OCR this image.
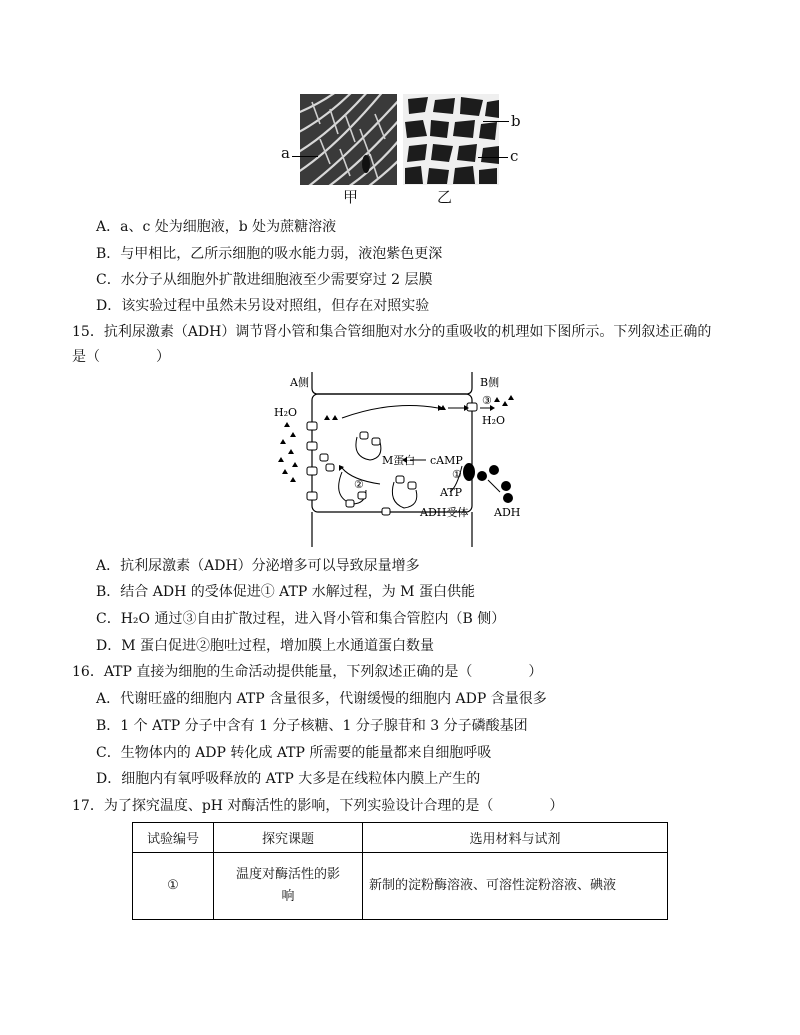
a
甲
b
c
乙
A．a、c 处为细胞液，b 处为蔗糖溶液
B．与甲相比，乙所示细胞的吸水能力弱，液泡紫色更深
C．水分子从细胞外扩散进细胞液至少需要穿过 2 层膜
D．该实验过程中虽然未另设对照组，但存在对照实验
15．抗利尿激素（ADH）调节肾小管和集合管细胞对水分的重吸收的机理如下图所示。下列叙述正确的
是（　　　　）
A侧	B侧
H₂O
H₂O
③
M蛋白 cAMP
①
②
ATP
ADH受体 ADH
A．抗利尿激素（ADH）分泌增多可以导致尿量增多
B．结合 ADH 的受体促进① ATP 水解过程，为 M 蛋白供能
C．H₂O 通过③自由扩散过程，进入肾小管和集合管腔内（B 侧）
D．M 蛋白促进②胞吐过程，增加膜上水通道蛋白数量
16．ATP 直接为细胞的生命活动提供能量，下列叙述正确的是（　　　　）
A．代谢旺盛的细胞内 ATP 含量很多，代谢缓慢的细胞内 ADP 含量很多
B．1 个 ATP 分子中含有 1 分子核糖、1 分子腺苷和 3 分子磷酸基团
C．生物体内的 ADP 转化成 ATP 所需要的能量都来自细胞呼吸
D．细胞内有氧呼吸释放的 ATP 大多是在线粒体内膜上产生的
17．为了探究温度、pH 对酶活性的影响，下列实验设计合理的是（　　　　）
试验编号	探究课题	选用材料与试剂
①	温度对酶活性的影
响	新制的淀粉酶溶液、可溶性淀粉溶液、碘液
